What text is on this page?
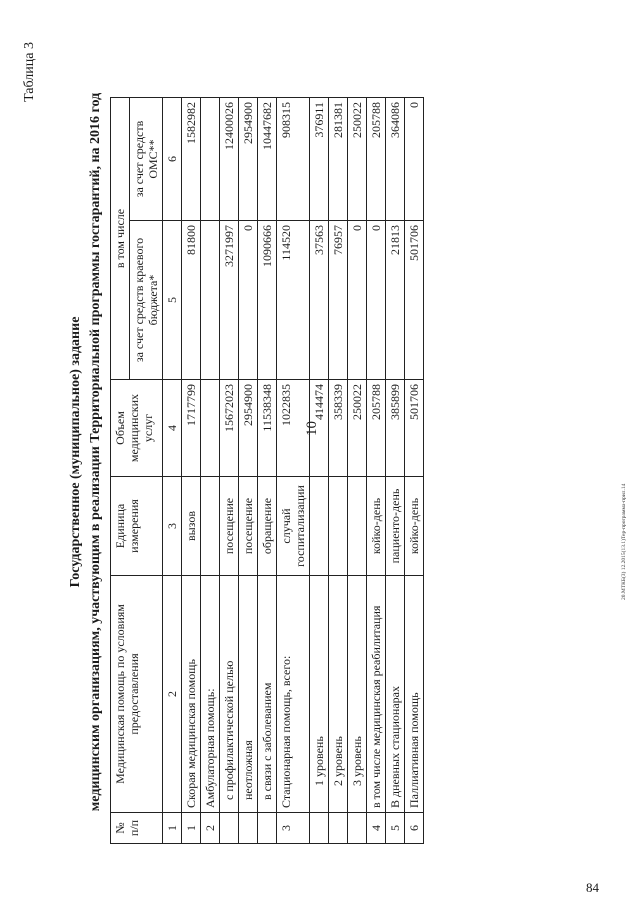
10
84
20.МТКБ(3) 12.2015(13.1)Тер-программа-прил.14
Таблица 3
Государственное (муниципальное) задание медицинским организациям, участвующим в реализации Территориальной программы госгарантий, на 2016 год
№ п/п	Медицинская помощь по условиям предоставления	Единица измерения	Объем медицинских услуг	в том числе	
				за счет средств краевого бюджета*	за счет средств ОМС**
1	2	3	4	5	6
1	Скорая медицинская помощь	вызов	1717799	81800	1582982
2	Амбулаторная помощь:				
	с профилактической целью	посещение	15672023	3271997	12400026
	неотложная	посещение	2954900	0	2954900
	в связи с заболеванием	обращение	11538348	1090666	10447682
3	Стационарная помощь, всего:	случай госпитализации	1022835	114520	908315
	1 уровень		414474	37563	376911
	2 уровень		358339	76957	281381
	3 уровень		250022	0	250022
4	в том числе медицинская реабилитация	койко-день	205788	0	205788
5	В дневных стационарах	пациенто-день	385899	21813	364086
6	Паллиативная помощь	койко-день	501706	501706	0
